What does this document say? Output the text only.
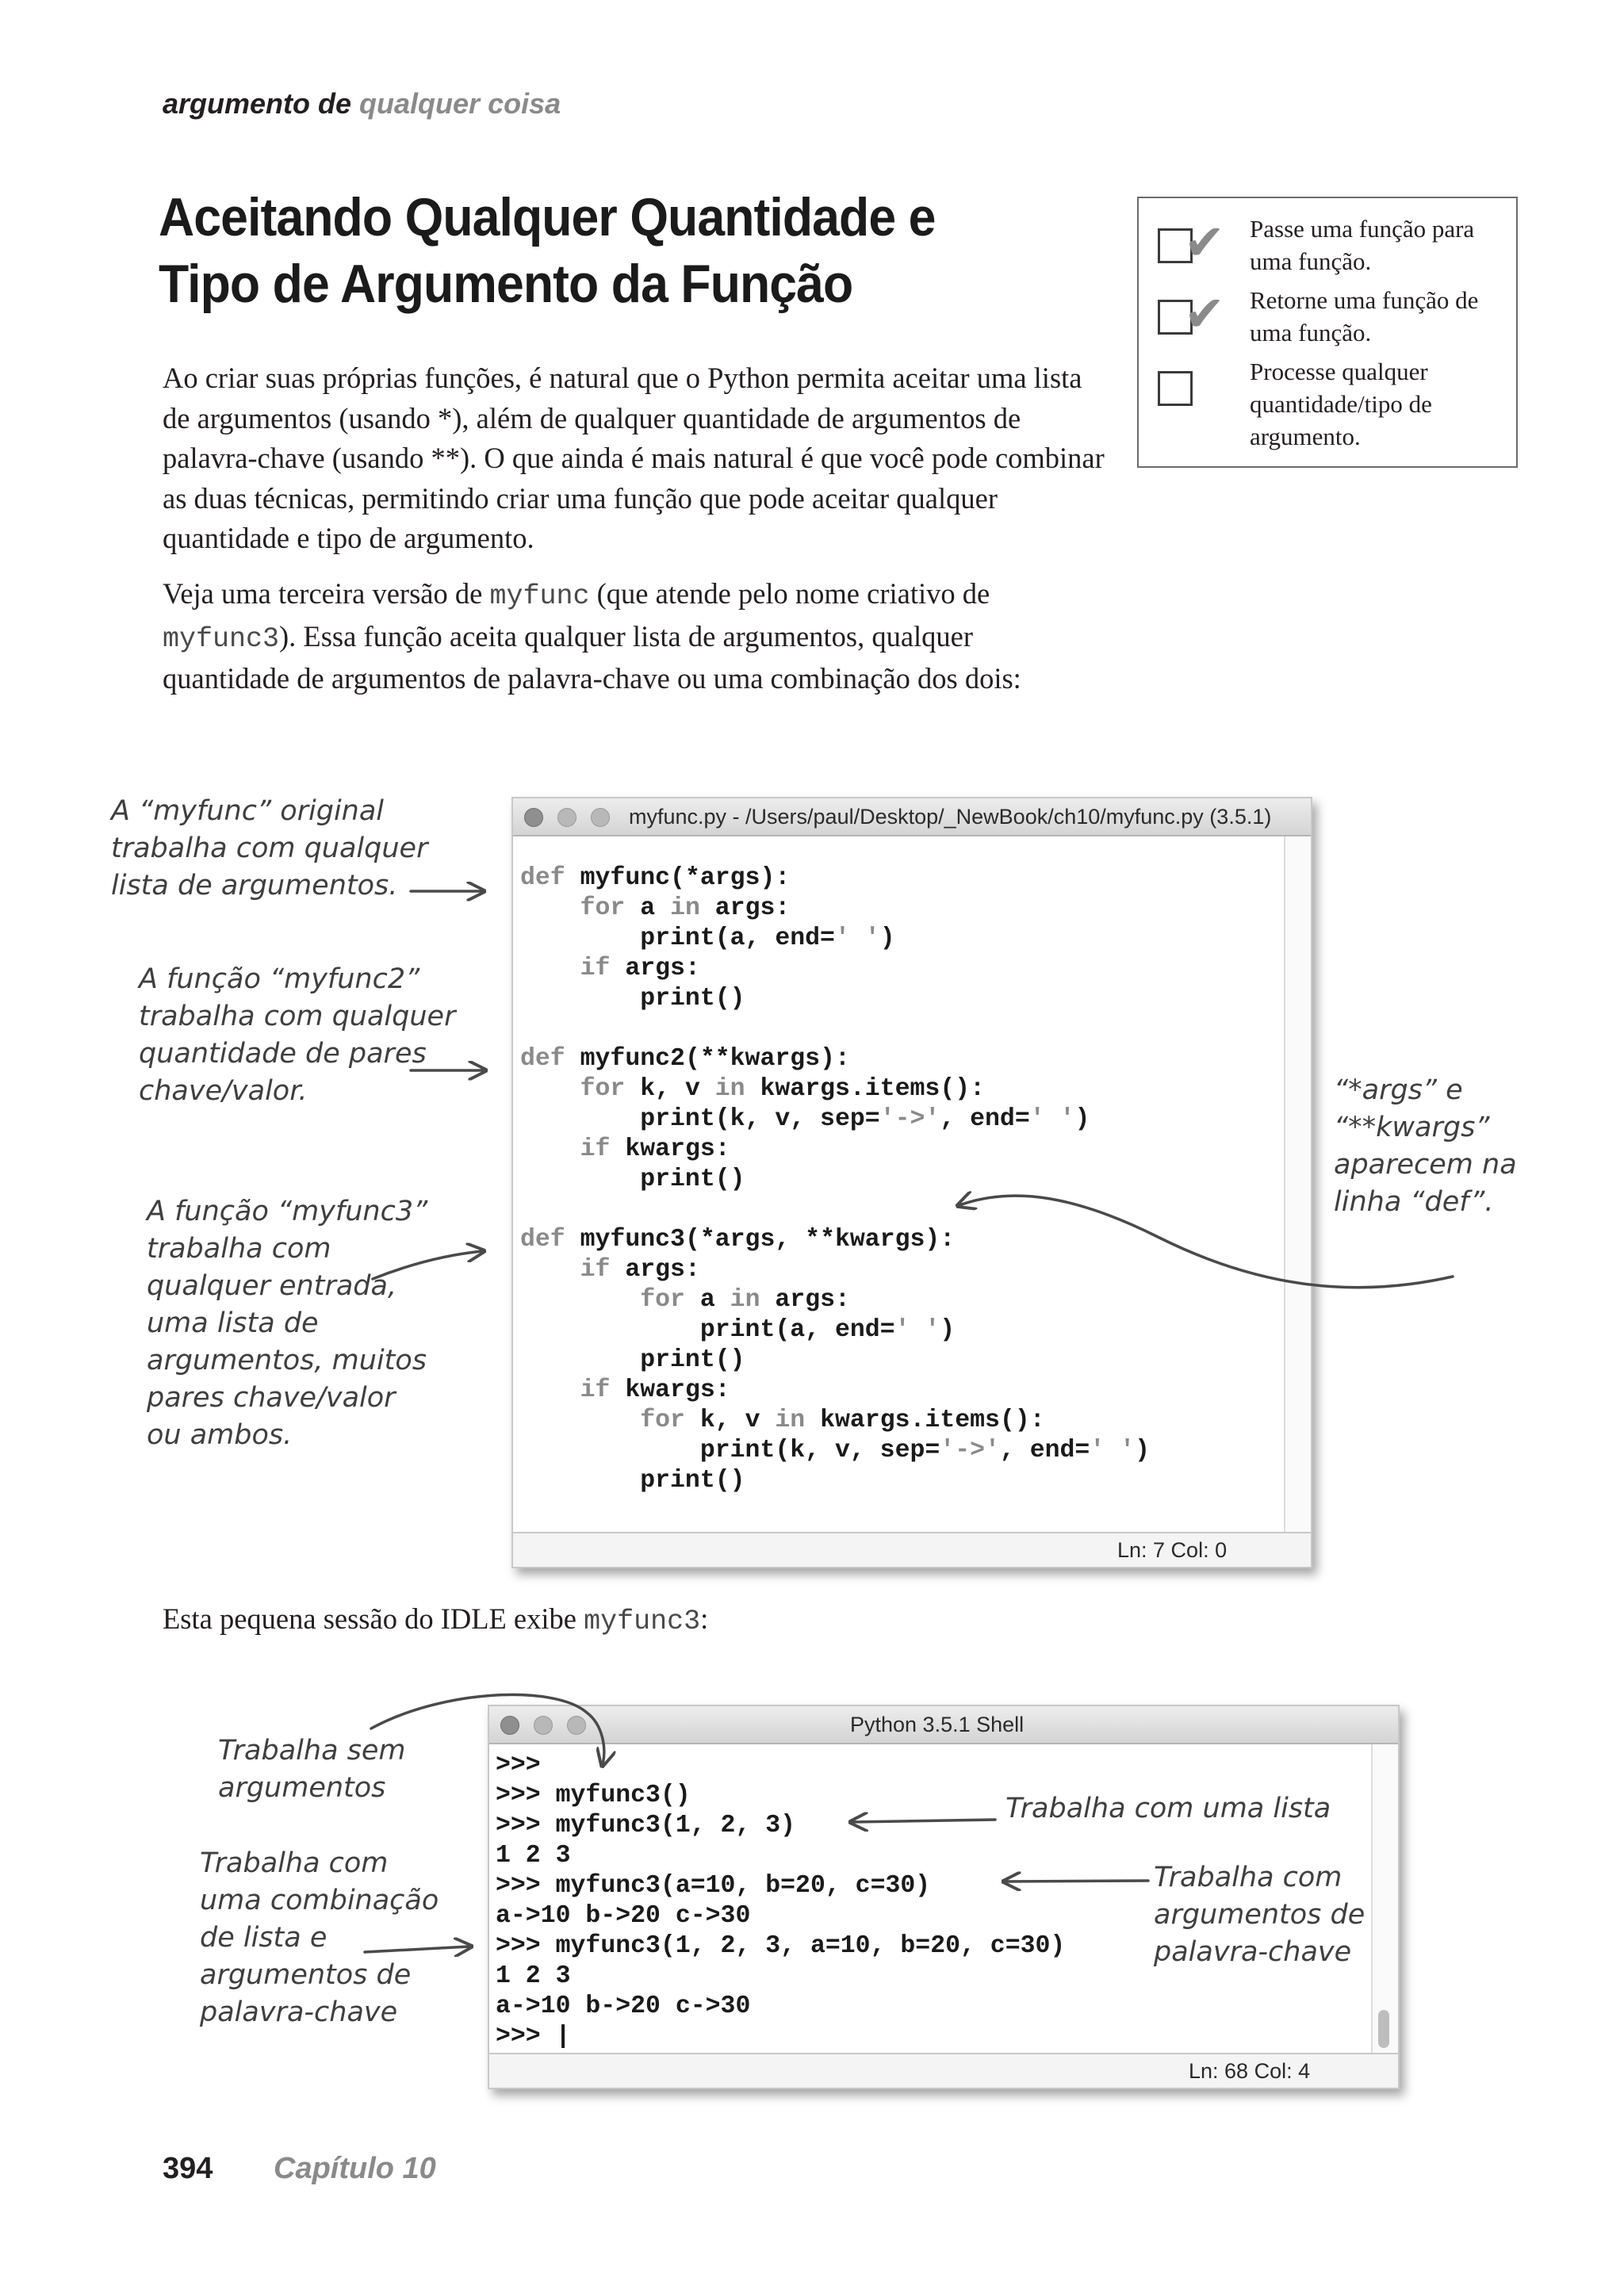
argumento de qualquer coisa
Aceitando Qualquer Quantidade e
Tipo de Argumento da Função

Ao criar suas próprias funções, é natural que o Python permita aceitar uma lista de argumentos (usando *), além de qualquer quantidade de argumentos de palavra-chave (usando **). O que ainda é mais natural é que você pode combinar as duas técnicas, permitindo criar uma função que pode aceitar qualquer quantidade e tipo de argumento.

Veja uma terceira versão de myfunc (que atende pelo nome criativo de myfunc3). Essa função aceita qualquer lista de argumentos, qualquer quantidade de argumentos de palavra-chave ou uma combinação dos dois:

✔ Passe uma função para uma função.
✔ Retorne uma função de uma função.
Processe qualquer quantidade/tipo de argumento.
myfunc.py - /Users/paul/Desktop/_NewBook/ch10/myfunc.py (3.5.1)
def myfunc(*args):
for a in args:
print(a, end=' ')
if args:
print()

def myfunc2(**kwargs):
for k, v in kwargs.items():
print(k, v, sep='->', end=' ')
if kwargs:
print()

def myfunc3(*args, **kwargs):
if args:
for a in args:
print(a, end=' ')
print()
if kwargs:
for k, v in kwargs.items():
print(k, v, sep='->', end=' ')
print()
Ln: 7 Col: 0

Esta pequena sessão do IDLE exibe myfunc3:

Python 3.5.1 Shell
>>>
>>> myfunc3()
>>> myfunc3(1, 2, 3)
1 2 3
>>> myfunc3(a=10, b=20, c=30)
a->10 b->20 c->30
>>> myfunc3(1, 2, 3, a=10, b=20, c=30)
1 2 3
a->10 b->20 c->30
>>> |
Ln: 68 Col: 4

A “myfunc” original
trabalha com qualquer
lista de argumentos.

A função “myfunc2”
trabalha com qualquer
quantidade de pares
chave/valor.

A função “myfunc3”
trabalha com
qualquer entrada,
uma lista de
argumentos, muitos
pares chave/valor
ou ambos.

“*args” e
“**kwargs”
aparecem na
linha “def”.

Trabalha sem
argumentos

Trabalha com
uma combinação
de lista e
argumentos de
palavra-chave

Trabalha com uma lista

Trabalha com
argumentos de
palavra-chave

394 Capítulo 10
